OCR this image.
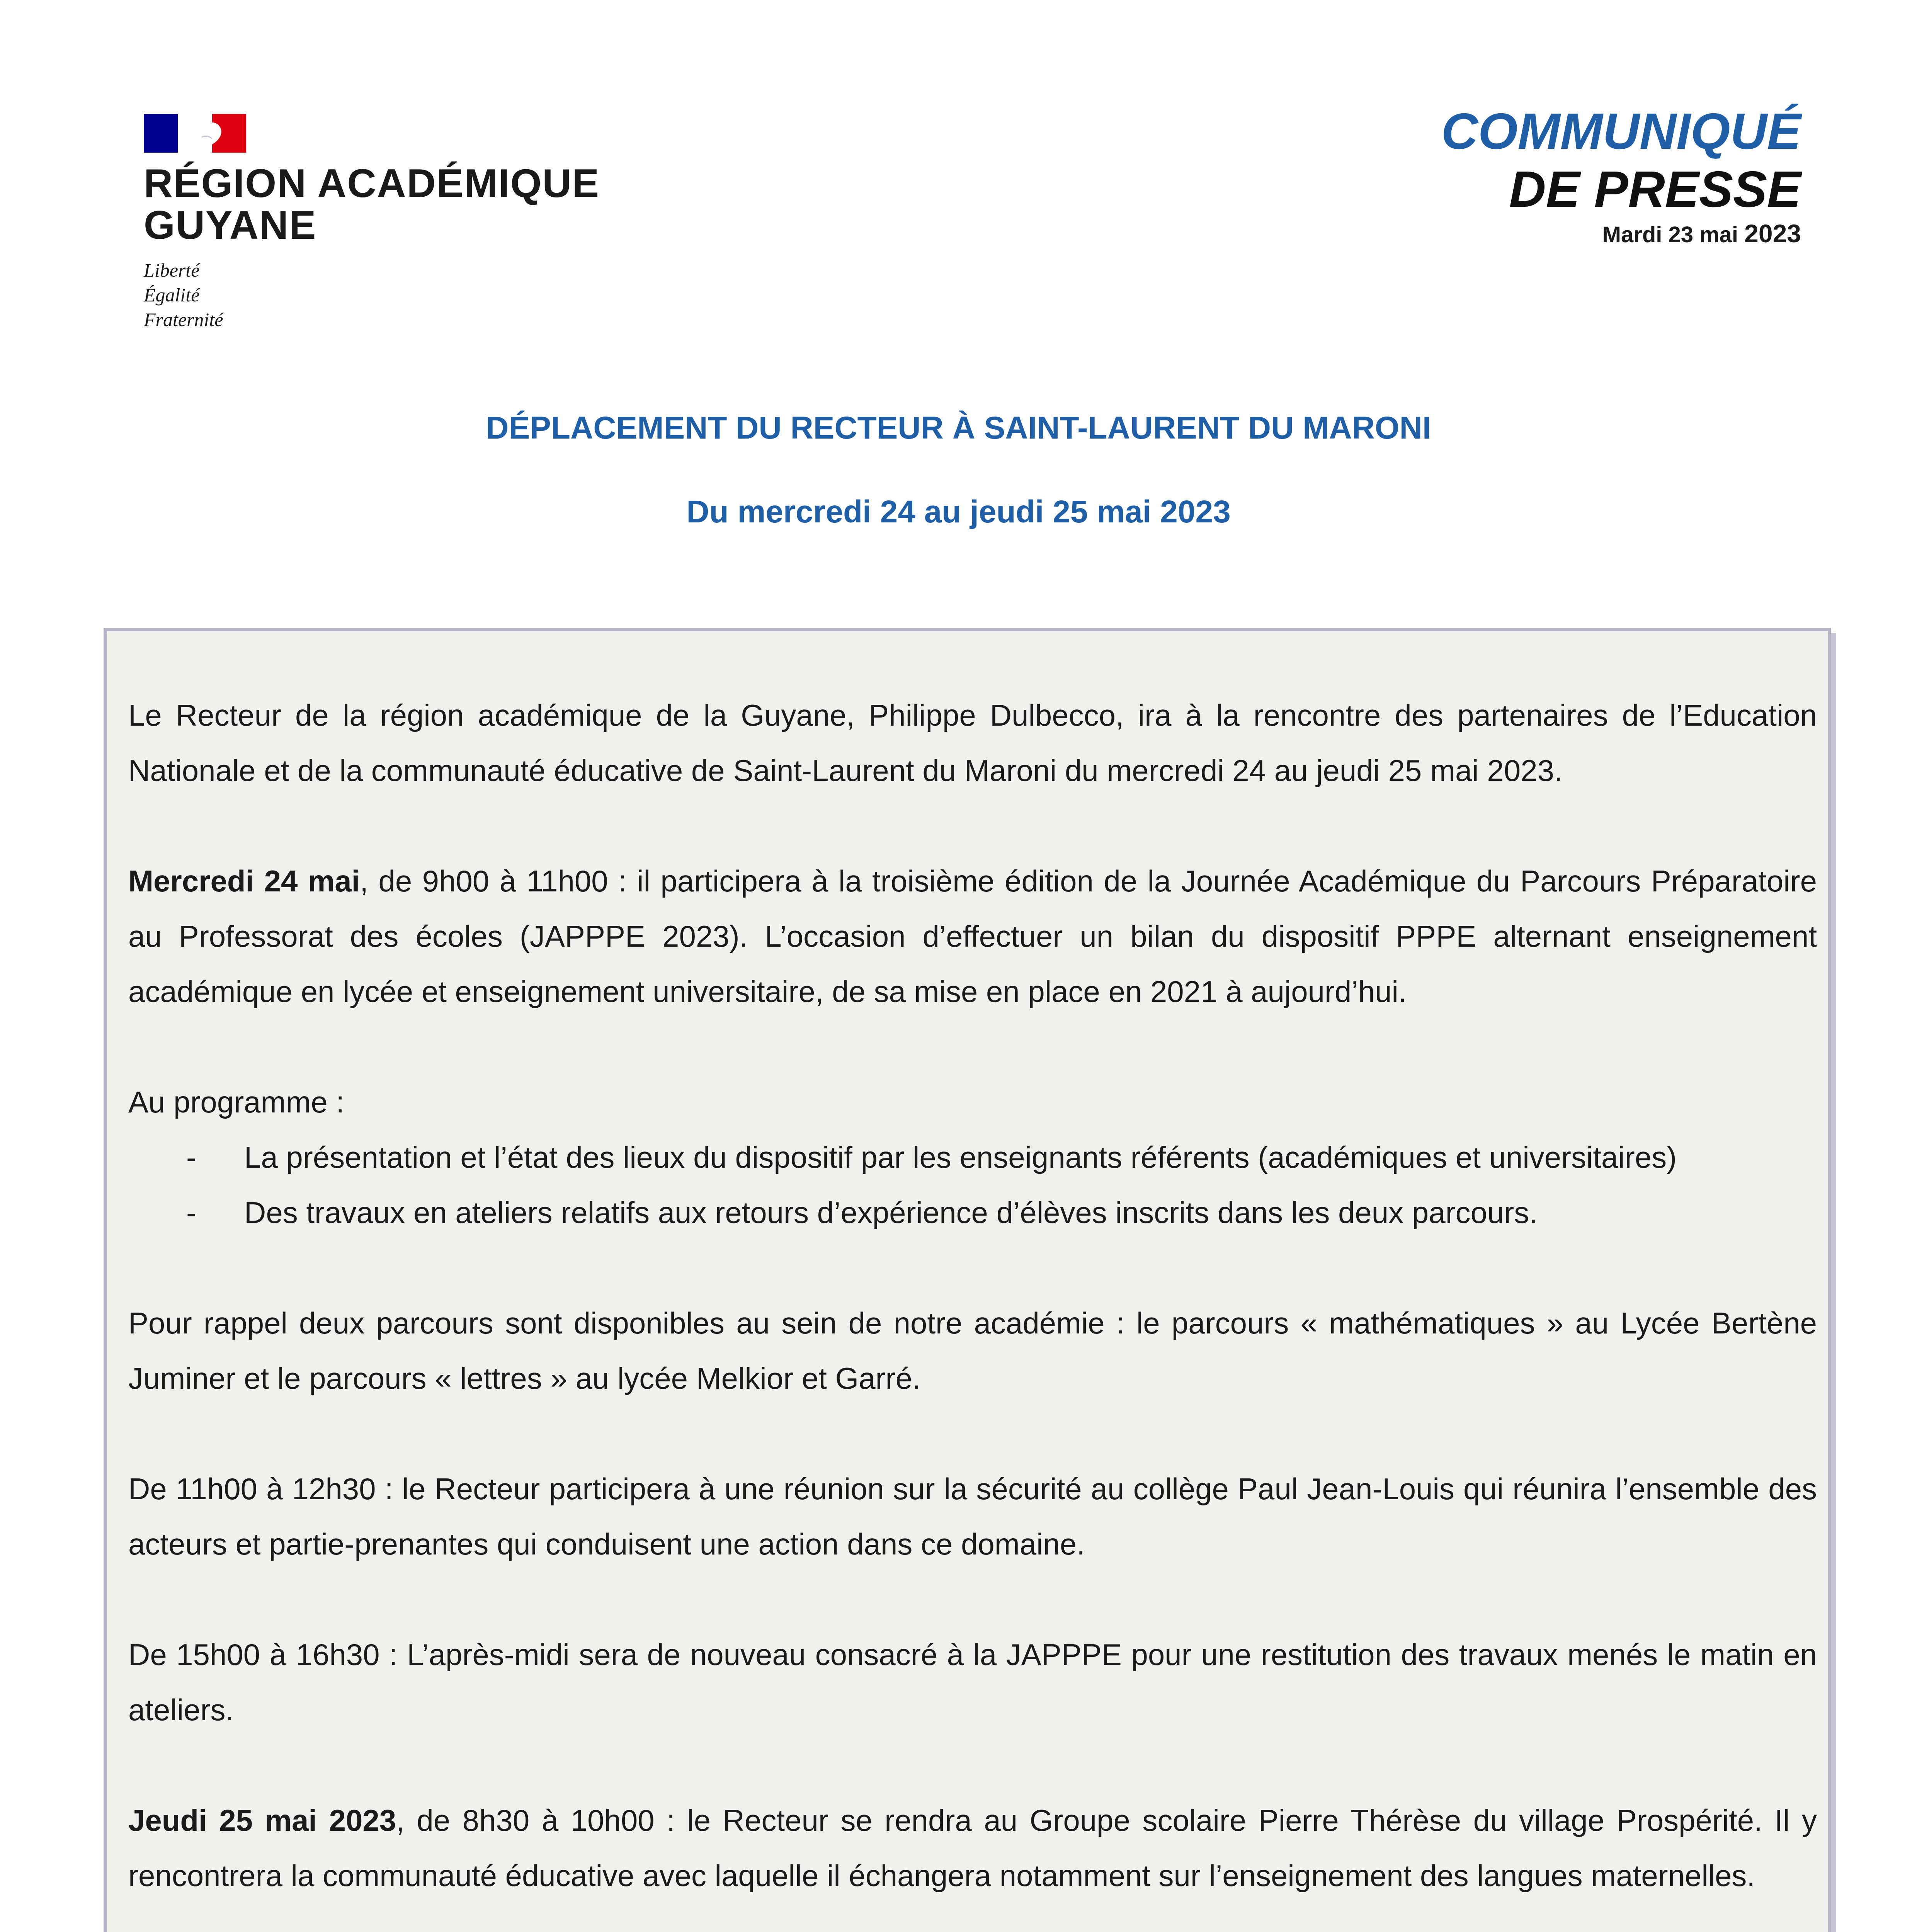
RÉGION ACADÉMIQUE
GUYANE
Liberté
Égalité
Fraternité
COMMUNIQUÉ
DE PRESSE
Mardi 23 mai 2023
DÉPLACEMENT DU RECTEUR À SAINT-LAURENT DU MARONI
Du mercredi 24 au jeudi 25 mai 2023

Le Recteur de la région académique de la Guyane, Philippe Dulbecco, ira à la rencontre des partenaires de l’Education Nationale et de la communauté éducative de Saint-Laurent du Maroni du mercredi 24 au jeudi 25 mai 2023.

Mercredi 24 mai, de 9h00 à 11h00 : il participera à la troisième édition de la Journée Académique du Parcours Préparatoire au Professorat des écoles (JAPPPE 2023). L’occasion d’effectuer un bilan du dispositif PPPE alternant enseignement académique en lycée et enseignement universitaire, de sa mise en place en 2021 à aujourd’hui.

Au programme :

- La présentation et l’état des lieux du dispositif par les enseignants référents (académiques et universitaires)
- Des travaux en ateliers relatifs aux retours d’expérience d’élèves inscrits dans les deux parcours.

Pour rappel deux parcours sont disponibles au sein de notre académie : le parcours « mathématiques » au Lycée Bertène Juminer et le parcours « lettres » au lycée Melkior et Garré.

De 11h00 à 12h30 : le Recteur participera à une réunion sur la sécurité au collège Paul Jean-Louis qui réunira l’ensemble des acteurs et partie-prenantes qui conduisent une action dans ce domaine.

De 15h00 à 16h30 : L’après-midi sera de nouveau consacré à la JAPPPE pour une restitution des travaux menés le matin en ateliers.

Jeudi 25 mai 2023, de 8h30 à 10h00 : le Recteur se rendra au Groupe scolaire Pierre Thérèse du village Prospérité. Il y rencontrera la communauté éducative avec laquelle il échangera notamment sur l’enseignement des langues maternelles.
